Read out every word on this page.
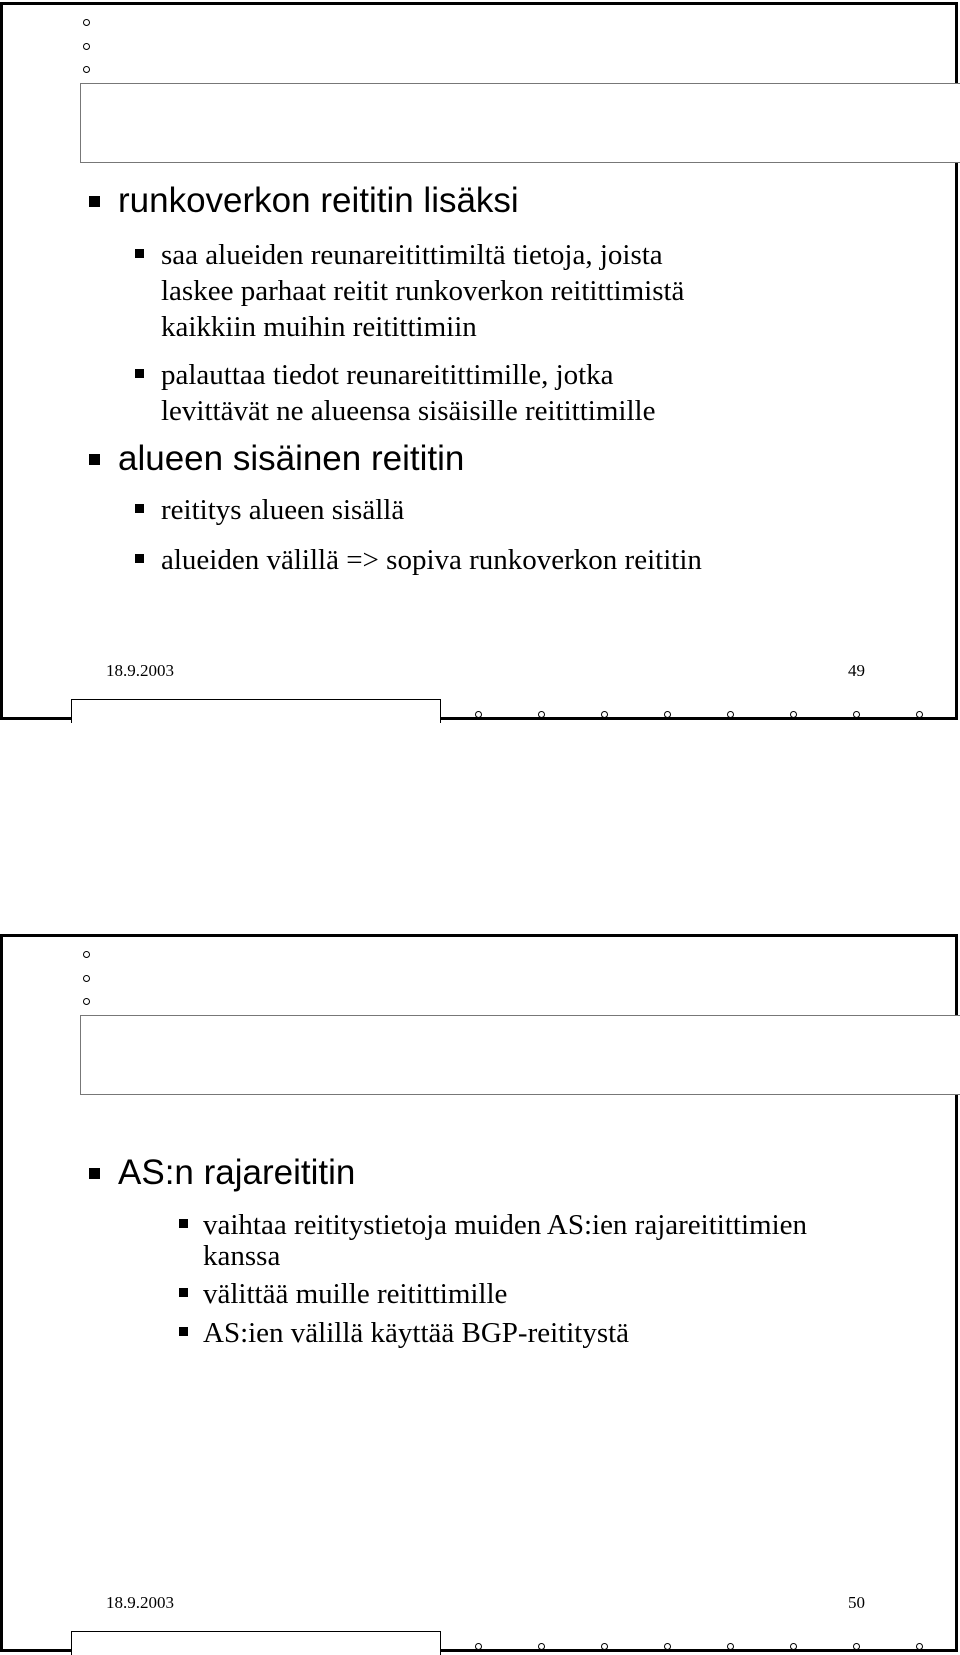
runkoverkon reititin lisäksi
saa alueiden reunareitittimiltä tietoja, joista
laskee parhaat reitit runkoverkon reitittimistä
kaikkiin muihin reitittimiin
palauttaa tiedot reunareitittimille, jotka
levittävät ne alueensa sisäisille reitittimille
alueen sisäinen reititin
reititys alueen sisällä
alueiden välillä => sopiva runkoverkon reititin
18.9.2003	49
AS:n rajareititin
vaihtaa reititystietoja muiden AS:ien rajareitittimien
kanssa
välittää muille reitittimille
AS:ien välillä käyttää BGP-reititystä
18.9.2003	50
